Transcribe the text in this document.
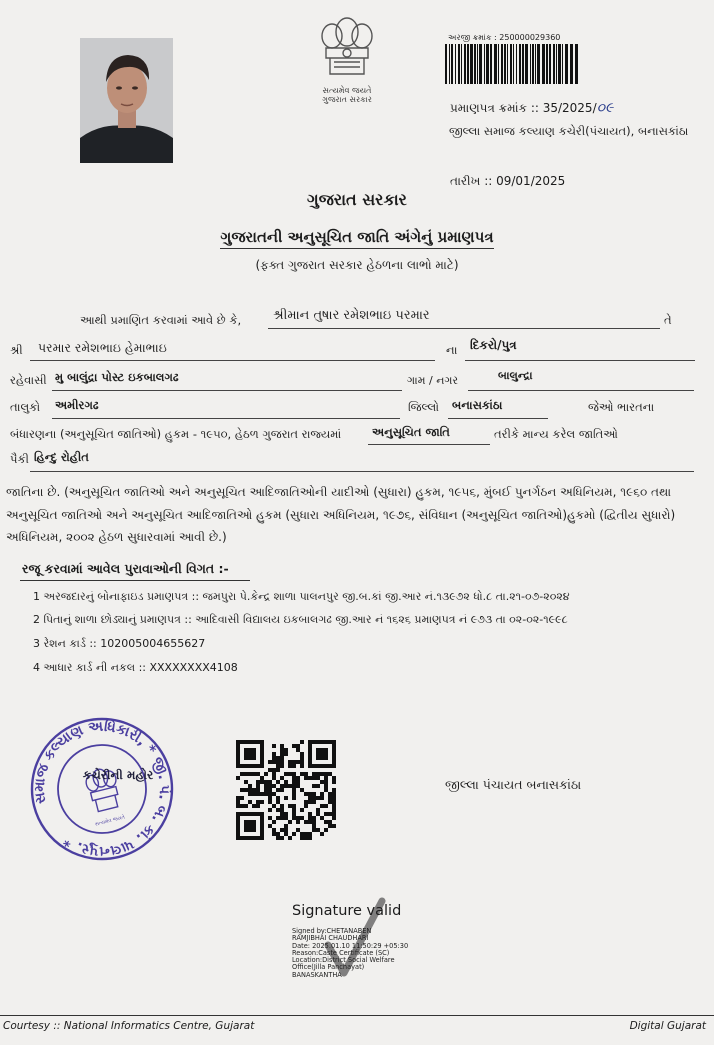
સત્યમેવ જયતે
ગુજરાત સરકાર
અરજી ક્રમાંક : 250000029360
પ્રમાણપત્ર ક્રમાંક :: 35/2025/૦૯
જીલ્લા સમાજ કલ્યાણ કચેરી(પંચાયત), બનાસકાંઠા
તારીખ :: 09/01/2025
ગુજરાત સરકાર
ગુજરાતની અનુસૂચિત જાતિ અંગેનું પ્રમાણપત્ર
(ફક્ત ગુજરાત સરકાર હેઠળના લાભો માટે)
આથી પ્રમાણિત કરવામાં આવે છે કે, શ્રીમાન તુષાર રમેશભાઇ પરમાર	તે
શ્રી પરમાર રમેશભાઇ હેમાભાઇ	ના દિકરો/પુત્ર
રહેવાસી મુ બાલુંદ્રા પોસ્ટ ઇકબાલગઢ	ગામ / નગર	બાલુન્દ્રા
તાલુકો અમીરગઢ	જિલ્લો બનાસકાંઠા	જેઓ ભારતના
બંધારણના (અનુસૂચિત જાતિઓ) હુકમ - ૧૯૫૦, હેઠળ ગુજરાત રાજ્યમાં	અનુસૂચિત જાતિ	તરીકે માન્ય કરેલ જાતિઓ
પૈકી હિન્દુ રોહીત
જાતિના છે. (અનુસૂચિત જાતિઓ અને અનુસૂચિત આદિજાતિઓની યાદીઓ (સુધારા) હુકમ, ૧૯૫૬, મુંબઈ પુનર્ગઠન અધિનિયમ, ૧૯૬૦ તથા
અનુસૂચિત જાતિઓ અને અનુસૂચિત આદિજાતિઓ હુકમ (સુધારા અધિનિયમ, ૧૯૭૬, સંવિધાન (અનુસૂચિત જાતિઓ)હુકમો (દ્વિતીય સુધારો)
અધિનિયમ, ૨૦૦૨ હેઠળ સુધારવામાં આવી છે.)
રજૂ કરવામાં આવેલ પુરાવાઓની વિગત :-
1 અરજદારનું બોનાફાઇડ પ્રમાણપત્ર :: જમપુરા પે.કેન્દ્ર શાળા પાલનપુર જી.બ.કાં જી.આર નં.૧૩૯૭૨ ધો.૮ તા.૨૧-૦૭-૨૦૨૪
2 પિતાનું શાળા છોડ્યાનું પ્રમાણપત્ર :: આદિવાસી વિદ્યાલય ઇકબાલગઢ જી.આર નં ૧૬૨૬ પ્રમાણપત્ર નં ૯૭૩ તા ૦૨-૦૨-૧૯૯૮
3 રેશન કાર્ડ :: 102005004655627
4 આધાર કાર્ડ ની નકલ :: XXXXXXXX4108
સમાજ કલ્યાણ અધિકારી, * જી. પં. બ. કાં. પાલનપુર. *
સત્યમેવ જયતે
કચેરીની મહોર
જીલ્લા પંચાયત બનાસકાંઠા
Signature valid
Signed by:CHETANABEN
RAMJIBHAI CHAUDHARI
Date: 2025.01.10 11:50:29 +05:30
Reason:Caste Certificate (SC)
Location:District Social Welfare
Office(Jilla Panchayat)
BANASKANTHA
Courtesy :: National Informatics Centre, Gujarat	Digital Gujarat
